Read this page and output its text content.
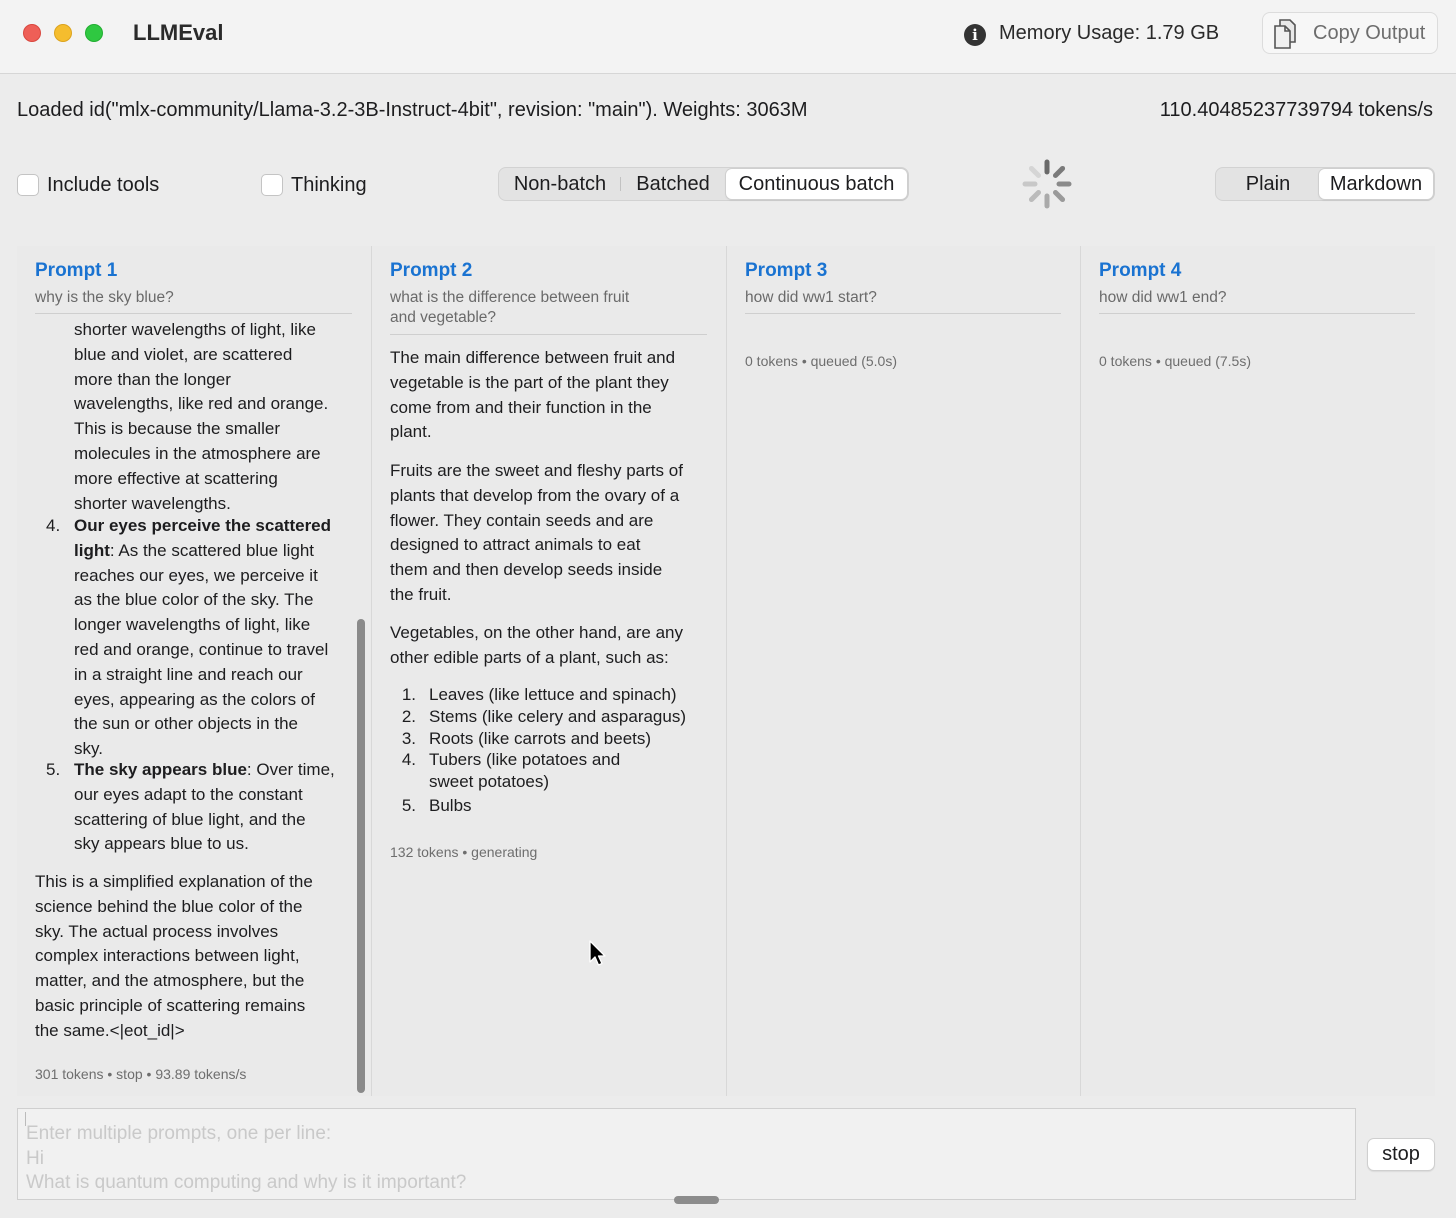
LLMEval	i	Memory Usage: 1.79 GB	Copy Output
Loaded id("mlx-community/Llama-3.2-3B-Instruct-4bit", revision: "main"). Weights: 3063M	110.40485237739794 tokens/s
Include tools	Thinking	Non-batch	Batched	Continuous batch	Plain	Markdown
Prompt 1
why is the sky blue?
shorter wavelengths of light, like
blue and violet, are scattered
more than the longer
wavelengths, like red and orange.
This is because the smaller
molecules in the atmosphere are
more effective at scattering
shorter wavelengths.
4. Our eyes perceive the scattered
light: As the scattered blue light
reaches our eyes, we perceive it
as the blue color of the sky. The
longer wavelengths of light, like
red and orange, continue to travel
in a straight line and reach our
eyes, appearing as the colors of
the sun or other objects in the
sky.
5. The sky appears blue: Over time,
our eyes adapt to the constant
scattering of blue light, and the
sky appears blue to us.
This is a simplified explanation of the
science behind the blue color of the
sky. The actual process involves
complex interactions between light,
matter, and the atmosphere, but the
basic principle of scattering remains
the same.<|eot_id|>
301 tokens • stop • 93.89 tokens/s
Prompt 2
what is the difference between fruit
and vegetable?
The main difference between fruit and
vegetable is the part of the plant they
come from and their function in the
plant.
Fruits are the sweet and fleshy parts of
plants that develop from the ovary of a
flower. They contain seeds and are
designed to attract animals to eat
them and then develop seeds inside
the fruit.
Vegetables, on the other hand, are any
other edible parts of a plant, such as:
1. Leaves (like lettuce and spinach)
2. Stems (like celery and asparagus)
3. Roots (like carrots and beets)
4. Tubers (like potatoes and
sweet potatoes)
5. Bulbs
132 tokens • generating
Prompt 3
how did ww1 start?
0 tokens • queued (5.0s)
Prompt 4
how did ww1 end?
0 tokens • queued (7.5s)
Enter multiple prompts, one per line:
Hi
What is quantum computing and why is it important?
stop
